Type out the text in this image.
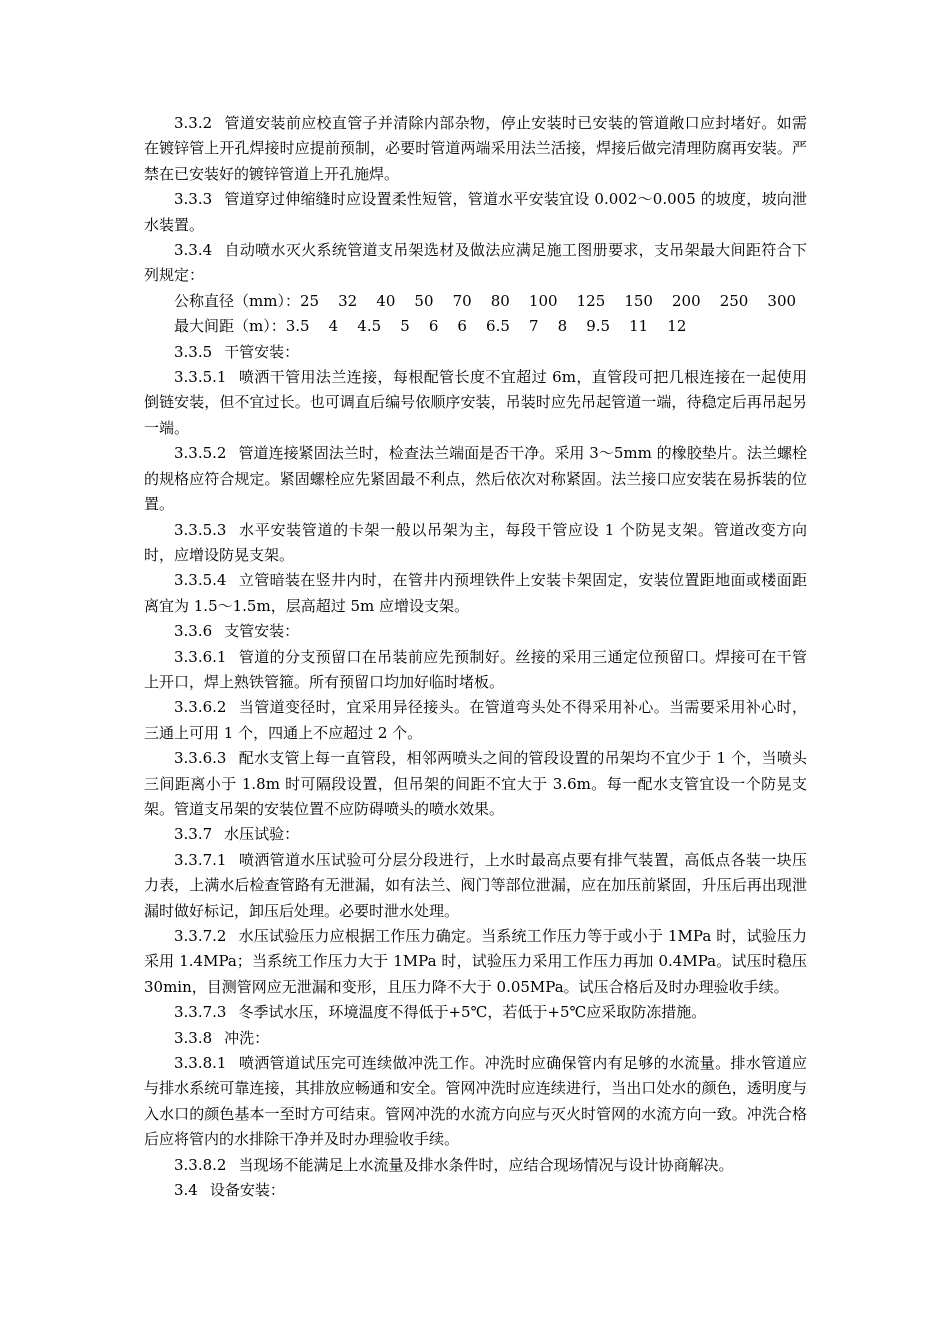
3.3.2 管道安装前应校直管子并清除内部杂物，停止安装时已安装的管道敞口应封堵好。如需在镀锌管上开孔焊接时应提前预制，必要时管道两端采用法兰活接，焊接后做完清理防腐再安装。严禁在已安装好的镀锌管道上开孔施焊。

3.3.3 管道穿过伸缩缝时应设置柔性短管，管道水平安装宜设 0.002～0.005 的坡度，坡向泄水装置。

3.3.4 自动喷水灭火系统管道支吊架选材及做法应满足施工图册要求，支吊架最大间距符合下列规定：

公称直径（mm）：25    32    40    50    70    80    100    125    150    200    250    300

最大间距（m）：3.5    4    4.5    5    6    6    6.5    7    8    9.5    11    12

3.3.5 干管安装：

3.3.5.1 喷洒干管用法兰连接，每根配管长度不宜超过 6m，直管段可把几根连接在一起使用倒链安装，但不宜过长。也可调直后编号依顺序安装，吊装时应先吊起管道一端，待稳定后再吊起另一端。

3.3.5.2 管道连接紧固法兰时，检查法兰端面是否干净。采用 3～5mm 的橡胶垫片。法兰螺栓的规格应符合规定。紧固螺栓应先紧固最不利点，然后依次对称紧固。法兰接口应安装在易拆装的位置。

3.3.5.3 水平安装管道的卡架一般以吊架为主，每段干管应设 1 个防晃支架。管道改变方向时，应增设防晃支架。

3.3.5.4 立管暗装在竖井内时，在管井内预埋铁件上安装卡架固定，安装位置距地面或楼面距离宜为 1.5～1.5m，层高超过 5m 应增设支架。

3.3.6 支管安装：

3.3.6.1 管道的分支预留口在吊装前应先预制好。丝接的采用三通定位预留口。焊接可在干管上开口，焊上熟铁管箍。所有预留口均加好临时堵板。

3.3.6.2 当管道变径时，宜采用异径接头。在管道弯头处不得采用补心。当需要采用补心时，三通上可用 1 个，四通上不应超过 2 个。

3.3.6.3 配水支管上每一直管段，相邻两喷头之间的管段设置的吊架均不宜少于 1 个，当喷头三间距离小于 1.8m 时可隔段设置，但吊架的间距不宜大于 3.6m。每一配水支管宜设一个防晃支架。管道支吊架的安装位置不应防碍喷头的喷水效果。

3.3.7 水压试验：

3.3.7.1 喷洒管道水压试验可分层分段进行，上水时最高点要有排气装置，高低点各装一块压力表，上满水后检查管路有无泄漏，如有法兰、阀门等部位泄漏，应在加压前紧固，升压后再出现泄漏时做好标记，卸压后处理。必要时泄水处理。

3.3.7.2 水压试验压力应根据工作压力确定。当系统工作压力等于或小于 1MPa 时，试验压力采用 1.4MPa；当系统工作压力大于 1MPa 时，试验压力采用工作压力再加 0.4MPa。试压时稳压 30min，目测管网应无泄漏和变形，且压力降不大于 0.05MPa。试压合格后及时办理验收手续。

3.3.7.3 冬季试水压，环境温度不得低于+5℃，若低于+5℃应采取防冻措施。

3.3.8 冲洗：

3.3.8.1 喷洒管道试压完可连续做冲洗工作。冲洗时应确保管内有足够的水流量。排水管道应与排水系统可靠连接，其排放应畅通和安全。管网冲洗时应连续进行，当出口处水的颜色，透明度与入水口的颜色基本一至时方可结束。管网冲洗的水流方向应与灭火时管网的水流方向一致。冲洗合格后应将管内的水排除干净并及时办理验收手续。

3.3.8.2 当现场不能满足上水流量及排水条件时，应结合现场情况与设计协商解决。

3.4 设备安装：
